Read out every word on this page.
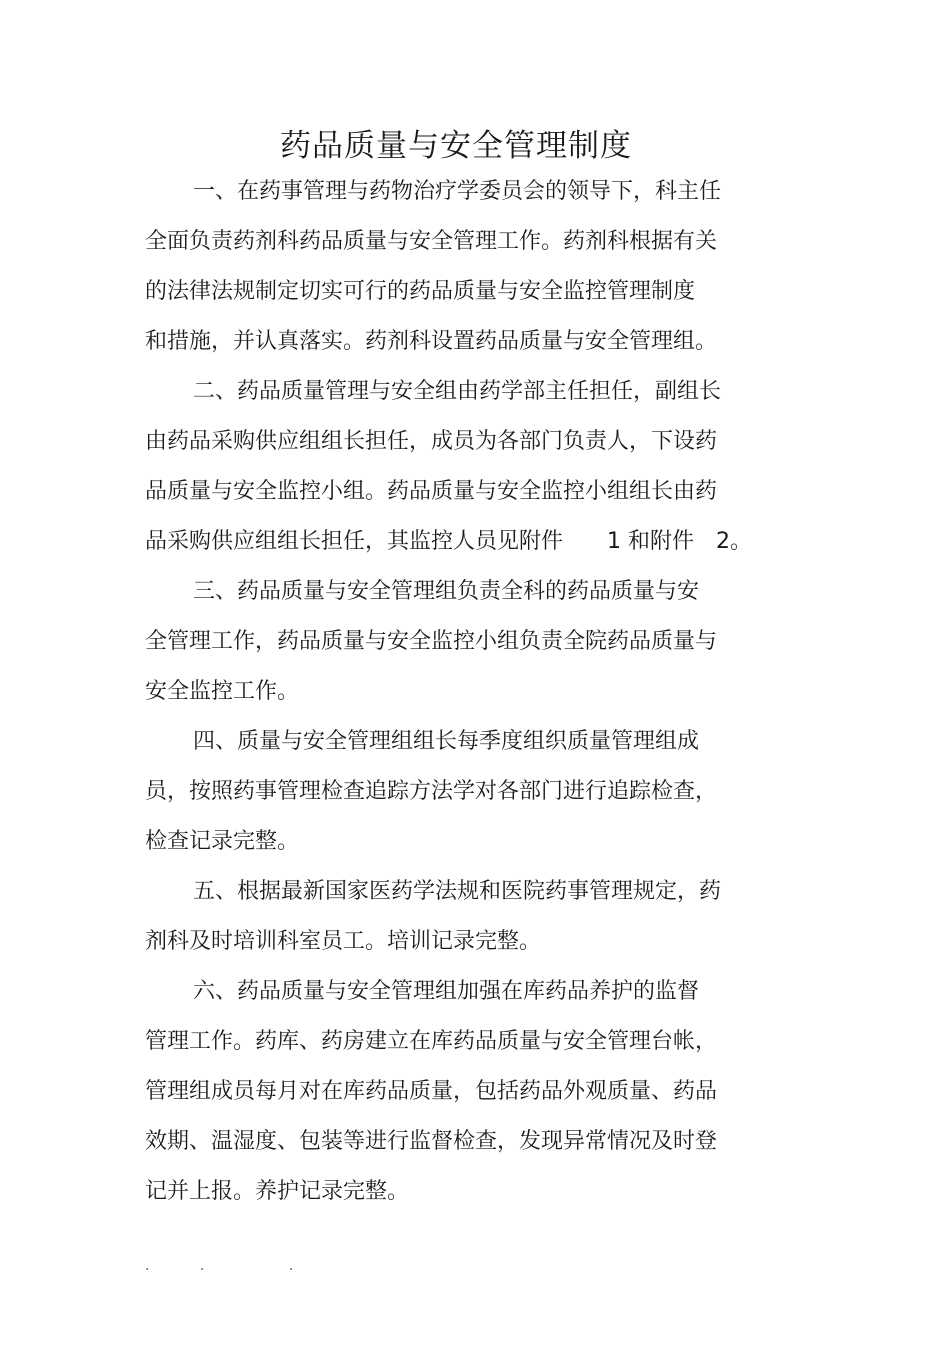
药品质量与安全管理制度

一、在药事管理与药物治疗学委员会的领导下，科主任

全面负责药剂科药品质量与安全管理工作。药剂科根据有关

的法律法规制定切实可行的药品质量与安全监控管理制度

和措施，并认真落实。药剂科设置药品质量与安全管理组。

二、药品质量管理与安全组由药学部主任担任，副组长

由药品采购供应组组长担任，成员为各部门负责人，下设药

品质量与安全监控小组。药品质量与安全监控小组组长由药

品采购供应组组长担任，其监控人员见附件　　1 和附件　2。

三、药品质量与安全管理组负责全科的药品质量与安

全管理工作，药品质量与安全监控小组负责全院药品质量与

安全监控工作。

四、质量与安全管理组组长每季度组织质量管理组成

员，按照药事管理检查追踪方法学对各部门进行追踪检查，

检查记录完整。

五、根据最新国家医药学法规和医院药事管理规定，药

剂科及时培训科室员工。培训记录完整。

六、药品质量与安全管理组加强在库药品养护的监督

管理工作。药库、药房建立在库药品质量与安全管理台帐，

管理组成员每月对在库药品质量，包括药品外观质量、药品

效期、温湿度、包装等进行监督检查，发现异常情况及时登

记并上报。养护记录完整。

.	.	.
